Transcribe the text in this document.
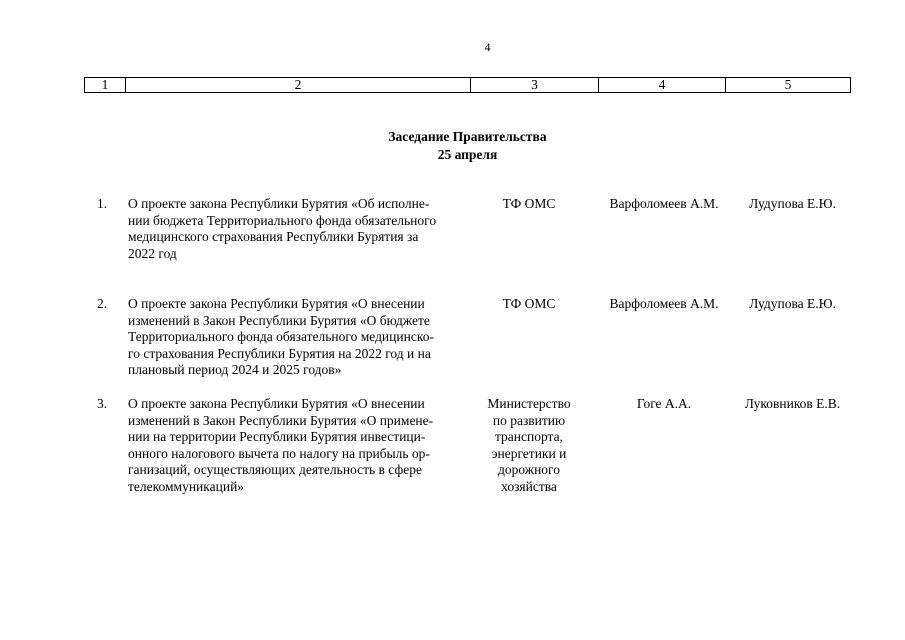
4
1	2	3	4	5
Заседание Правительства
25 апреля
1.	О проекте закона Республики Бурятия «Об исполне-
нии бюджета Территориального фонда обязательного
медицинского страхования Республики Бурятия за
2022 год
ТФ ОМС	Варфоломеев А.М.	Лудупова Е.Ю.
2.	О проекте закона Республики Бурятия «О внесении
изменений в Закон Республики Бурятия «О бюджете
Территориального фонда обязательного медицинско-
го страхования Республики Бурятия на 2022 год и на
плановый период 2024 и 2025 годов»
ТФ ОМС	Варфоломеев А.М.	Лудупова Е.Ю.
3.	О проекте закона Республики Бурятия «О внесении
изменений в Закон Республики Бурятия «О примене-
нии на территории Республики Бурятия инвестици-
онного налогового вычета по налогу на прибыль ор-
ганизаций, осуществляющих деятельность в сфере
телекоммуникаций»
Министерство
по развитию
транспорта,
энергетики и
дорожного
хозяйства
Гоге А.А.	Луковников Е.В.
